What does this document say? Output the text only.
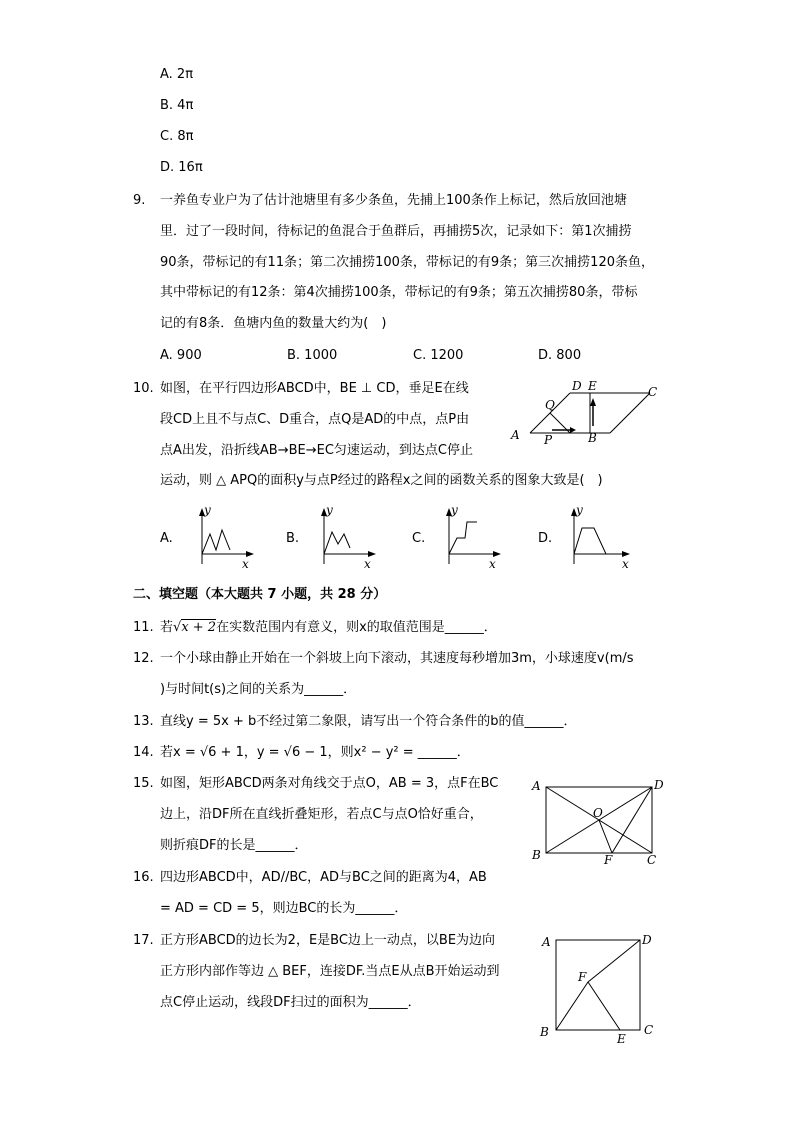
A. 2π
B. 4π
C. 8π
D. 16π
9. 一养鱼专业户为了估计池塘里有多少条鱼，先捕上100条作上标记，然后放回池塘
里．过了一段时间，待标记的鱼混合于鱼群后，再捕捞5次，记录如下：第1次捕捞
90条，带标记的有11条；第二次捕捞100条，带标记的有9条；第三次捕捞120条鱼，
其中带标记的有12条：第4次捕捞100条，带标记的有9条；第五次捕捞80条，带标
记的有8条．鱼塘内鱼的数量大约为(　)
A. 900	B. 1000	C. 1200	D. 800
10. 如图，在平行四边形ABCD中，BE ⊥ CD，垂足E在线
段CD上且不与点C、D重合，点Q是AD的中点，点P由
点A出发，沿折线AB→BE→EC匀速运动，到达点C停止
运动，则 △ APQ的面积y与点P经过的路程x之间的函数关系的图象大致是(　)
D E	C
Q
A P	B
A.
y
x
B.
y
x
C.
y
x
D.
y
x
二、填空题（本大题共 7 小题，共 28 分）
11. 若√x + 2在实数范围内有意义，则x的取值范围是______．
12. 一个小球由静止开始在一个斜坡上向下滚动，其速度每秒增加3m，小球速度v(m/s
)与时间t(s)之间的关系为______．
13. 直线y = 5x + b不经过第二象限，请写出一个符合条件的b的值______．
14. 若x = √6 + 1，y = √6 − 1，则x² − y² = ______．
15. 如图，矩形ABCD两条对角线交于点O，AB = 3，点F在BC
边上，沿DF所在直线折叠矩形，若点C与点O恰好重合，
则折痕DF的长是______．
A	D
O
B	F	C
16. 四边形ABCD中，AD//BC，AD与BC之间的距离为4，AB
= AD = CD = 5，则边BC的长为______．
17. 正方形ABCD的边长为2，E是BC边上一动点，以BE为边向
正方形内部作等边 △ BEF，连接DF.当点E从点B开始运动到
点C停止运动，线段DF扫过的面积为______．
A	D
F
B	E
C
